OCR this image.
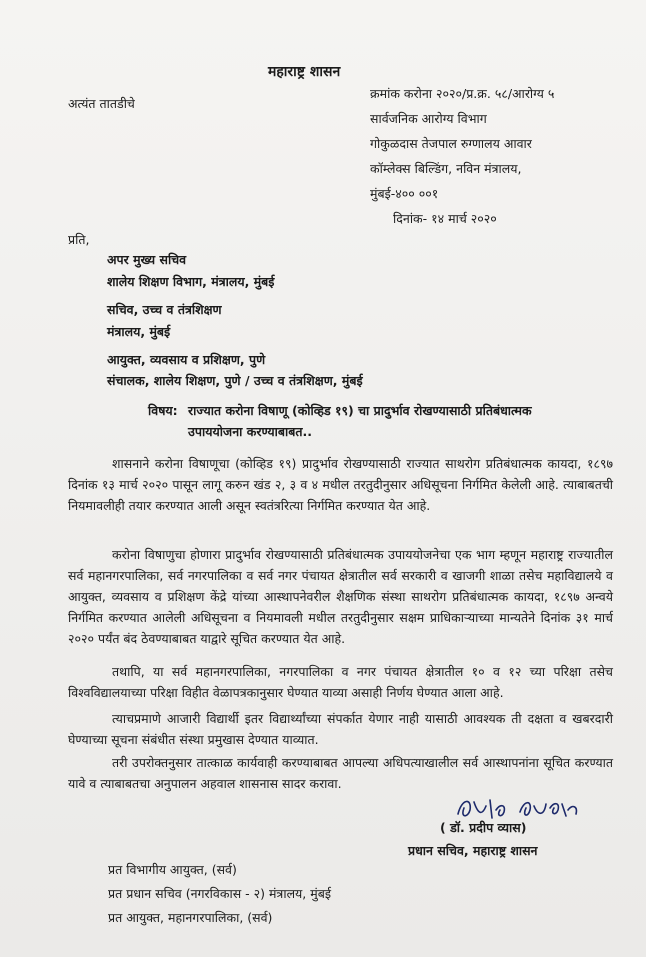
महाराष्ट्र शासन
अत्यंत तातडीचे
क्रमांक करोना २०२०/प्र.क्र. ५८/आरोग्य ५
सार्वजनिक आरोग्य विभाग
गोकुळदास तेजपाल रुग्णालय आवार
कॉम्लेक्स बिल्डिंग, नविन मंत्रालय,
मुंबई-४०० ००१
दिनांक- १४ मार्च २०२०
प्रति,
अपर मुख्य सचिव
शालेय शिक्षण विभाग, मंत्रालय, मुंबई
सचिव, उच्च व तंत्रशिक्षण
मंत्रालय, मुंबई
आयुक्त, व्यवसाय व प्रशिक्षण, पुणे
संचालक, शालेय शिक्षण, पुणे / उच्च व तंत्रशिक्षण, मुंबई
विषय: राज्यात करोना विषाणू (कोव्हिड १९) चा प्रादुर्भाव रोखण्यासाठी प्रतिबंधात्मक
उपाययोजना करण्याबाबत..

शासनाने करोना विषाणूचा (कोव्हिड १९) प्रादुर्भाव रोखण्यासाठी राज्यात साथरोग प्रतिबंधात्मक कायदा, १८९७ दिनांक १३ मार्च २०२० पासून लागू करुन खंड २, ३ व ४ मधील तरतुदीनुसार अधिसूचना निर्गमित केलेली आहे. त्याबाबतची नियमावलीही तयार करण्यात आली असून स्वतंत्ररित्या निर्गमित करण्यात येत आहे.

करोना विषाणुचा होणारा प्रादुर्भाव रोखण्यासाठी प्रतिबंधात्मक उपाययोजनेचा एक भाग म्हणून महाराष्ट्र राज्यातील सर्व महानगरपालिका, सर्व नगरपालिका व सर्व नगर पंचायत क्षेत्रातील सर्व सरकारी व खाजगी शाळा तसेच महाविद्यालये व आयुक्त, व्यवसाय व प्रशिक्षण केंद्रे यांच्या आस्थापनेवरील शैक्षणिक संस्था साथरोग प्रतिबंधात्मक कायदा, १८९७ अन्वये निर्गमित करण्यात आलेली अधिसूचना व नियमावली मधील तरतुदीनुसार सक्षम प्राधिकाऱ्याच्या मान्यतेने दिनांक ३१ मार्च २०२० पर्यंत बंद ठेवण्याबाबत याद्वारे सूचित करण्यात येत आहे.

तथापि, या सर्व महानगरपालिका, नगरपालिका व नगर पंचायत क्षेत्रातील १० व १२ च्या परिक्षा तसेच विश्वविद्यालयाच्या परिक्षा विहीत वेळापत्रकानुसार घेण्यात याव्या असाही निर्णय घेण्यात आला आहे.

त्याचप्रमाणे आजारी विद्यार्थी इतर विद्यार्थ्यांच्या संपर्कात येणार नाही यासाठी आवश्यक ती दक्षता व खबरदारी घेण्याच्या सूचना संबंधीत संस्था प्रमुखास देण्यात याव्यात.

तरी उपरोक्तनुसार तात्काळ कार्यवाही करण्याबाबत आपल्या अधिपत्याखालील सर्व आस्थापनांना सूचित करण्यात यावे व त्याबाबतचा अनुपालन अहवाल शासनास सादर करावा.

( डॉ. प्रदीप व्यास)
प्रधान सचिव, महाराष्ट्र शासन
प्रत विभागीय आयुक्त, (सर्व)
प्रत प्रधान सचिव (नगरविकास - २) मंत्रालय, मुंबई
प्रत आयुक्त, महानगरपालिका, (सर्व)
